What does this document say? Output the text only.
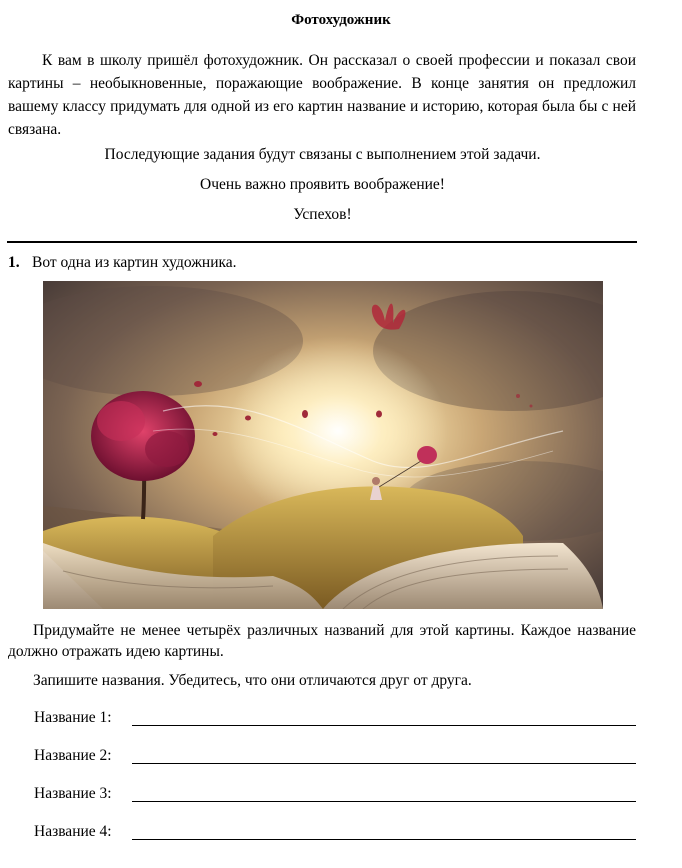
Фотохудожник

К вам в школу пришёл фотохудожник. Он рассказал о своей профессии и показал свои картины – необыкновенные, поражающие воображение. В конце занятия он предложил вашему классу придумать для одной из его картин название и историю, которая была бы с ней связана.

Последующие задания будут связаны с выполнением этой задачи.
Очень важно проявить воображение!
Успехов!
1. Вот одна из картин художника.

Придумайте не менее четырёх различных названий для этой картины. Каждое название должно отражать идею картины.

Запишите названия. Убедитесь, что они отличаются друг от друга.

Название 1:
Название 2:
Название 3:
Название 4:
